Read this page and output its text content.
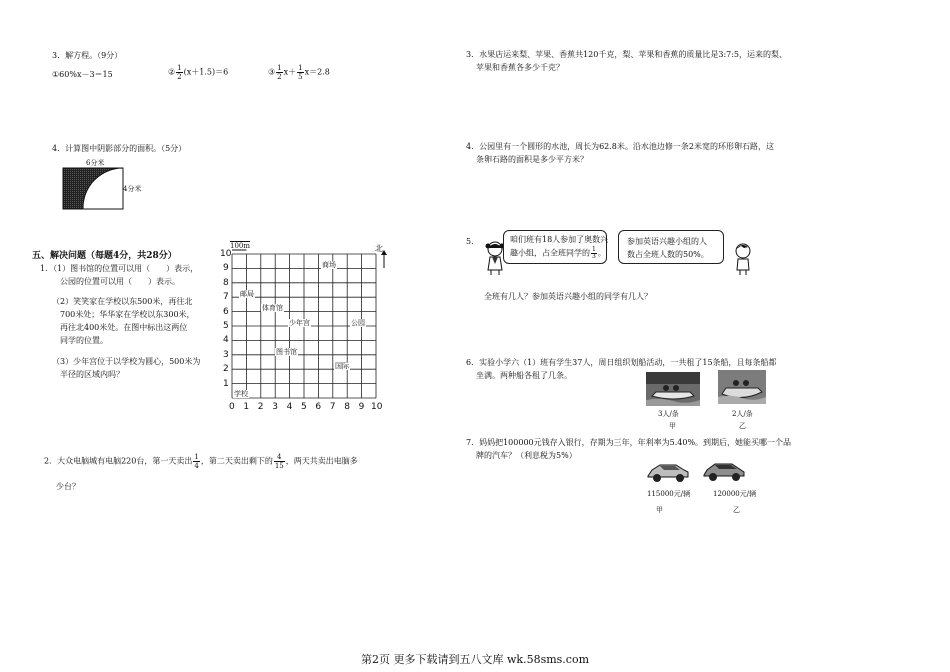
3．解方程。（9分）
①60%x－3＝15	② $\frac{1}{2} (x+1.5)=6$	③ $\frac{1}{2} x+ \frac{1}{5} x=2.8$
4．计算图中阴影部分的面积。（5分）
6分米
4分米
五、解决问题（每题4分，共28分）
1．（1）图书馆的位置可以用（　　）表示，
公园的位置可以用（　　）表示。
（2）笑笑家在学校以东500米，再往北
700米处；华华家在学校以东300米，
再往北400米处。在图中标出这两位
同学的位置。
（3）少年宫位于以学校为圆心，500米为
半径的区域内吗？
2．大众电脑城有电脑220台，第一天卖出 $\frac{1}{4}$ ，第二天卖出剩下的 $\frac{4}{15}$ ，两天共卖出电脑多
少台？
100m	北
商场
邮局
体育馆
少年宫	公园
图书馆
国际
学校
0 1 2 3 4 5 6 7 8 9 10
1
2
3
4
5
6
7
8
9
10
3．水果店运来梨、苹果、香蕉共120千克，梨、苹果和香蕉的质量比是3:7:5，运来的梨、
苹果和香蕉各多少千克？
4．公园里有一个圆形的水池，周长为62.8米。沿水池边修一条2米宽的环形卵石路，这
条卵石路的面积是多少平方米？
5．	咱们班有18人参加了奥数兴
趣小组，占全班同学的 $\frac{1}{3}$ 。
参加英语兴趣小组的人
数占全班人数的50%。
全班有几人？参加英语兴趣小组的同学有几人？
6．实验小学六（1）班有学生37人，周日组织划船活动，一共租了15条船，且每条船都
坐满。两种船各租了几条。
3人/条
甲
2人/条
乙
7．妈妈把100000元钱存入银行，存期为三年，年利率为5.40%。到期后，她能买哪一个品
牌的汽车？（利息税为5%）
115000元/辆
甲
120000元/辆
乙
第2页 更多下载请到五八文库 wk.58sms.com
